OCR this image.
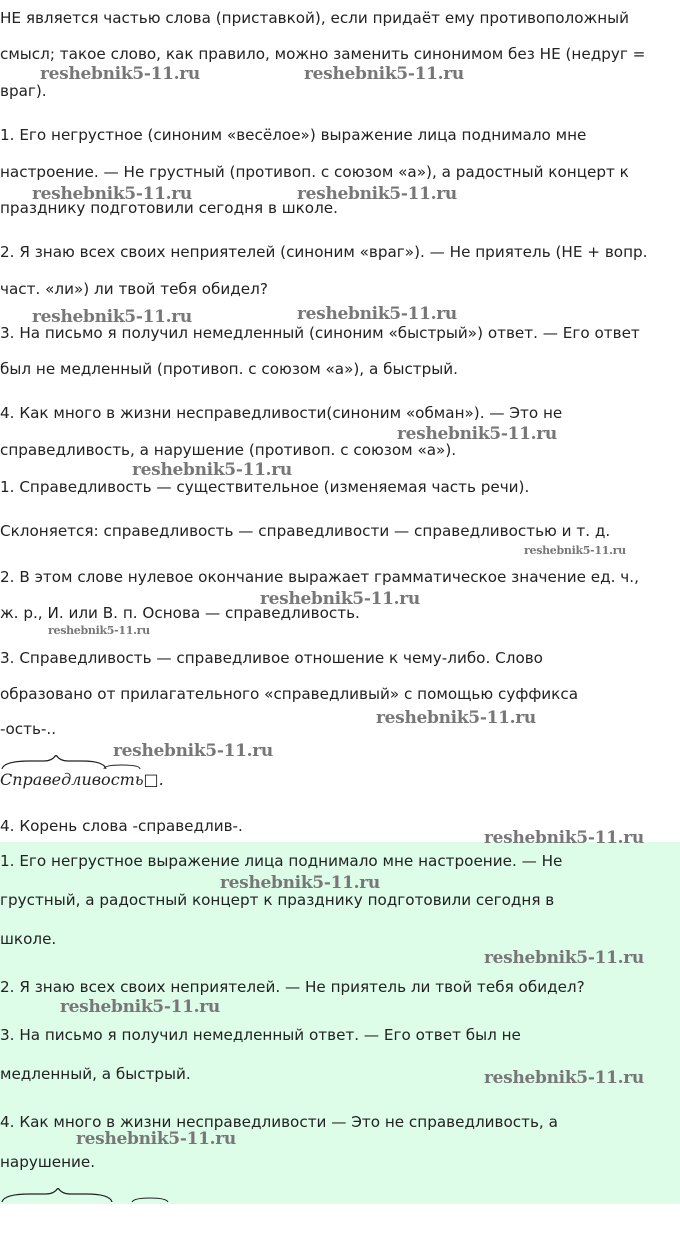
НЕ является частью слова (приставкой), если придаёт ему противоположный
смысл; такое слово, как правило, можно заменить синонимом без НЕ (недруг =
враг).
1. Его негрустное (синоним «весёлое») выражение лица поднимало мне
настроение. — Не грустный (противоп. с союзом «а»), а радостный концерт к
празднику подготовили сегодня в школе.
2. Я знаю всех своих неприятелей (синоним «враг»). — Не приятель (НЕ + вопр.
част. «ли») ли твой тебя обидел?
3. На письмо я получил немедленный (синоним «быстрый») ответ. — Его ответ
был не медленный (противоп. с союзом «а»), а быстрый.
4. Как много в жизни несправедливости(синоним «обман»). — Это не
справедливость, а нарушение (противоп. с союзом «а»).
1. Справедливость — существительное (изменяемая часть речи).
Склоняется: справедливость — справедливости — справедливостью и т. д.
2. В этом слове нулевое окончание выражает грамматическое значение ед. ч.,
ж. р., И. или В. п. Основа — справедливость.
3. Справедливость — справедливое отношение к чему-либо. Слово
образовано от прилагательного «справедливый» с помощью суффикса
-ость-..
Справедливость□.
4. Корень слова -справедлив-.
1. Его негрустное выражение лица поднимало мне настроение. — Не
грустный, а радостный концерт к празднику подготовили сегодня в
школе.
2. Я знаю всех своих неприятелей. — Не приятель ли твой тебя обидел?
3. На письмо я получил немедленный ответ. — Его ответ был не
медленный, а быстрый.
4. Как много в жизни несправедливости — Это не справедливость, а
нарушение.
reshebnik5-11.ru	reshebnik5-11.ru
reshebnik5-11.ru	reshebnik5-11.ru
reshebnik5-11.ru	reshebnik5-11.ru
reshebnik5-11.ru
reshebnik5-11.ru
reshebnik5-11.ru
reshebnik5-11.ru
reshebnik5-11.ru
reshebnik5-11.ru
reshebnik5-11.ru
reshebnik5-11.ru
reshebnik5-11.ru
reshebnik5-11.ru
reshebnik5-11.ru
reshebnik5-11.ru
reshebnik5-11.ru
